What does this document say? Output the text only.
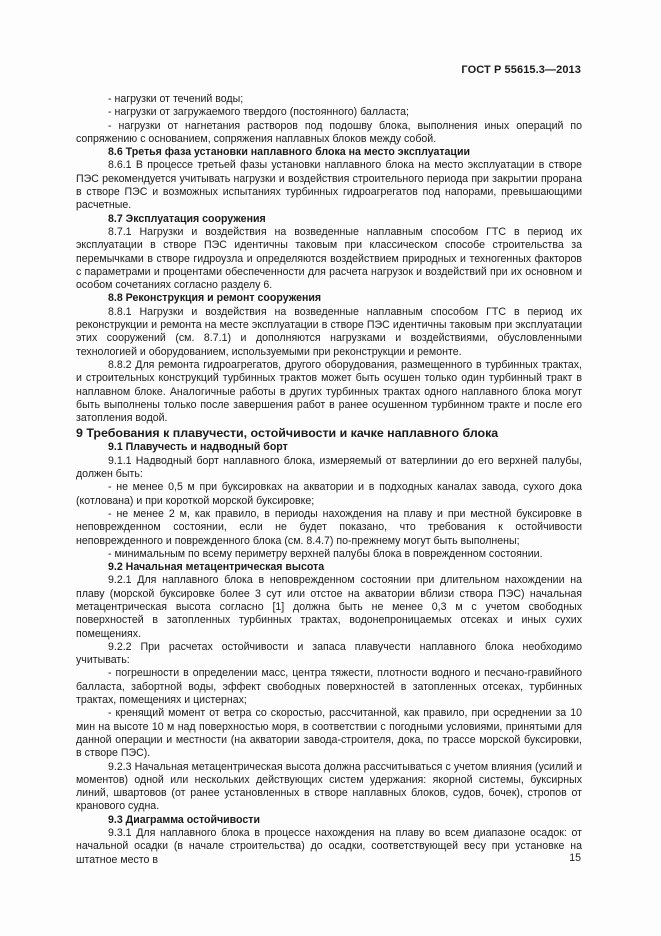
ГОСТ Р 55615.3—2013

- нагрузки от течений воды;

- нагрузки от загружаемого твердого (постоянного) балласта;

- нагрузки от нагнетания растворов под подошву блока, выполнения иных операций по сопряжению с основанием, сопряжения наплавных блоков между собой.

8.6 Третья фаза установки наплавного блока на место эксплуатации

8.6.1 В процессе третьей фазы установки наплавного блока на место эксплуатации в створе ПЭС рекомендуется учитывать нагрузки и воздействия строительного периода при закрытии прорана в створе ПЭС и возможных испытаниях турбинных гидроагрегатов под напорами, превышающими расчетные.

8.7 Эксплуатация сооружения

8.7.1 Нагрузки и воздействия на возведенные наплавным способом ГТС в период их эксплуатации в створе ПЭС идентичны таковым при классическом способе строительства за перемычками в створе гидроузла и определяются воздействием природных и техногенных факторов с параметрами и процентами обеспеченности для расчета нагрузок и воздействий при их основном и особом сочетаниях согласно разделу 6.

8.8 Реконструкция и ремонт сооружения

8.8.1 Нагрузки и воздействия на возведенные наплавным способом ГТС в период их реконструкции и ремонта на месте эксплуатации в створе ПЭС идентичны таковым при эксплуатации этих сооружений (см. 8.7.1) и дополняются нагрузками и воздействиями, обусловленными технологией и оборудованием, используемыми при реконструкции и ремонте.

8.8.2 Для ремонта гидроагрегатов, другого оборудования, размещенного в турбинных трактах, и строительных конструкций турбинных трактов может быть осушен только один турбинный тракт в наплавном блоке. Аналогичные работы в других турбинных трактах одного наплавного блока могут быть выполнены только после завершения работ в ранее осушенном турбинном тракте и после его затопления водой.

9 Требования к плавучести, остойчивости и качке наплавного блока

9.1 Плавучесть и надводный борт

9.1.1 Надводный борт наплавного блока, измеряемый от ватерлинии до его верхней палубы, должен быть:

- не менее 0,5 м при буксировках на акватории и в подходных каналах завода, сухого дока (котлована) и при короткой морской буксировке;

- не менее 2 м, как правило, в периоды нахождения на плаву и при местной буксировке в неповрежденном состоянии, если не будет показано, что требования к остойчивости неповрежденного и поврежденного блока (см. 8.4.7) по-прежнему могут быть выполнены;

- минимальным по всему периметру верхней палубы блока в поврежденном состоянии.

9.2 Начальная метацентрическая высота

9.2.1 Для наплавного блока в неповрежденном состоянии при длительном нахождении на плаву (морской буксировке более 3 сут или отстое на акватории вблизи створа ПЭС) начальная метацентрическая высота согласно [1] должна быть не менее 0,3 м с учетом свободных поверхностей в затопленных турбинных трактах, водонепроницаемых отсеках и иных сухих помещениях.

9.2.2 При расчетах остойчивости и запаса плавучести наплавного блока необходимо учитывать:

- погрешности в определении масс, центра тяжести, плотности водного и песчано-гравийного балласта, забортной воды, эффект свободных поверхностей в затопленных отсеках, турбинных трактах, помещениях и цистернах;

- кренящий момент от ветра со скоростью, рассчитанной, как правило, при осреднении за 10 мин на высоте 10 м над поверхностью моря, в соответствии с погодными условиями, принятыми для данной операции и местности (на акватории завода-строителя, дока, по трассе морской буксировки, в створе ПЭС).

9.2.3 Начальная метацентрическая высота должна рассчитываться с учетом влияния (усилий и моментов) одной или нескольких действующих систем удержания: якорной системы, буксирных линий, швартовов (от ранее установленных в створе наплавных блоков, судов, бочек), стропов от кранового судна.

9.3 Диаграмма остойчивости

9.3.1 Для наплавного блока в процессе нахождения на плаву во всем диапазоне осадок: от начальной осадки (в начале строительства) до осадки, соответствующей весу при установке на штатное место в	15
